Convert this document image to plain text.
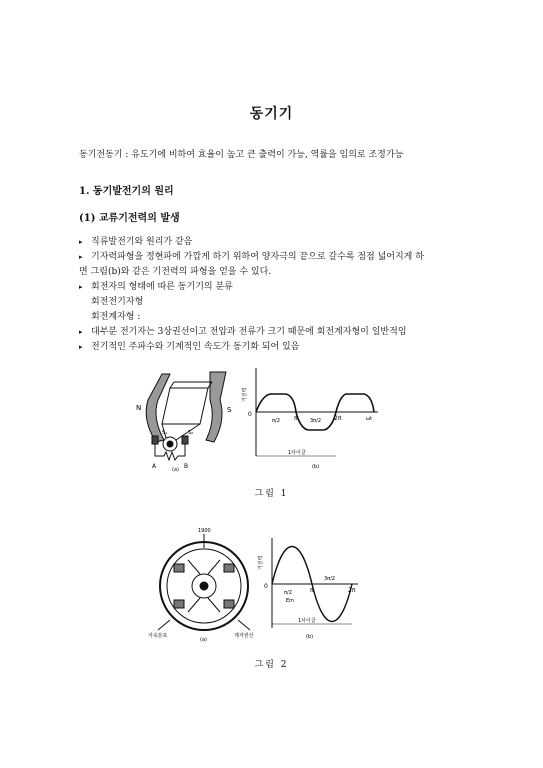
동기기
동기전동기 : 유도기에 비하여 효율이 높고 큰 출력이 가능, 역률을 임의로 조정가능
1. 동기발전기의 원리
(1) 교류기전력의 발생
▸ 직류발전기와 원리가 같음
▸ 기자력파형을 정현파에 가깝게 하기 위하여 양자극의 끝으로 갈수록 점점 넓어지게 하
면 그림(b)와 같은 기전력의 파형을 얻을 수 있다.
▸ 회전자의 형태에 따른 동기기의 분류
회전전기자형
회전계자형 :
▸ 대부분 전기자는 3상권선이고 전압과 전류가 크기 때문에 회전계자형이 일반적임
▸ 전기적인 주파수와 기계적인 속도가 동기화 되어 있음
N	S
A	B
S₁	S₂
(a)
기전력
0
π/2 π 3π/2 2π	ωt
1사이클
(b)
그림 1
1900
자속분포	계자권선
(a)
기전력
0
π/2
Em
π
3π/2
2π
1사이클
(b)
그림 2
